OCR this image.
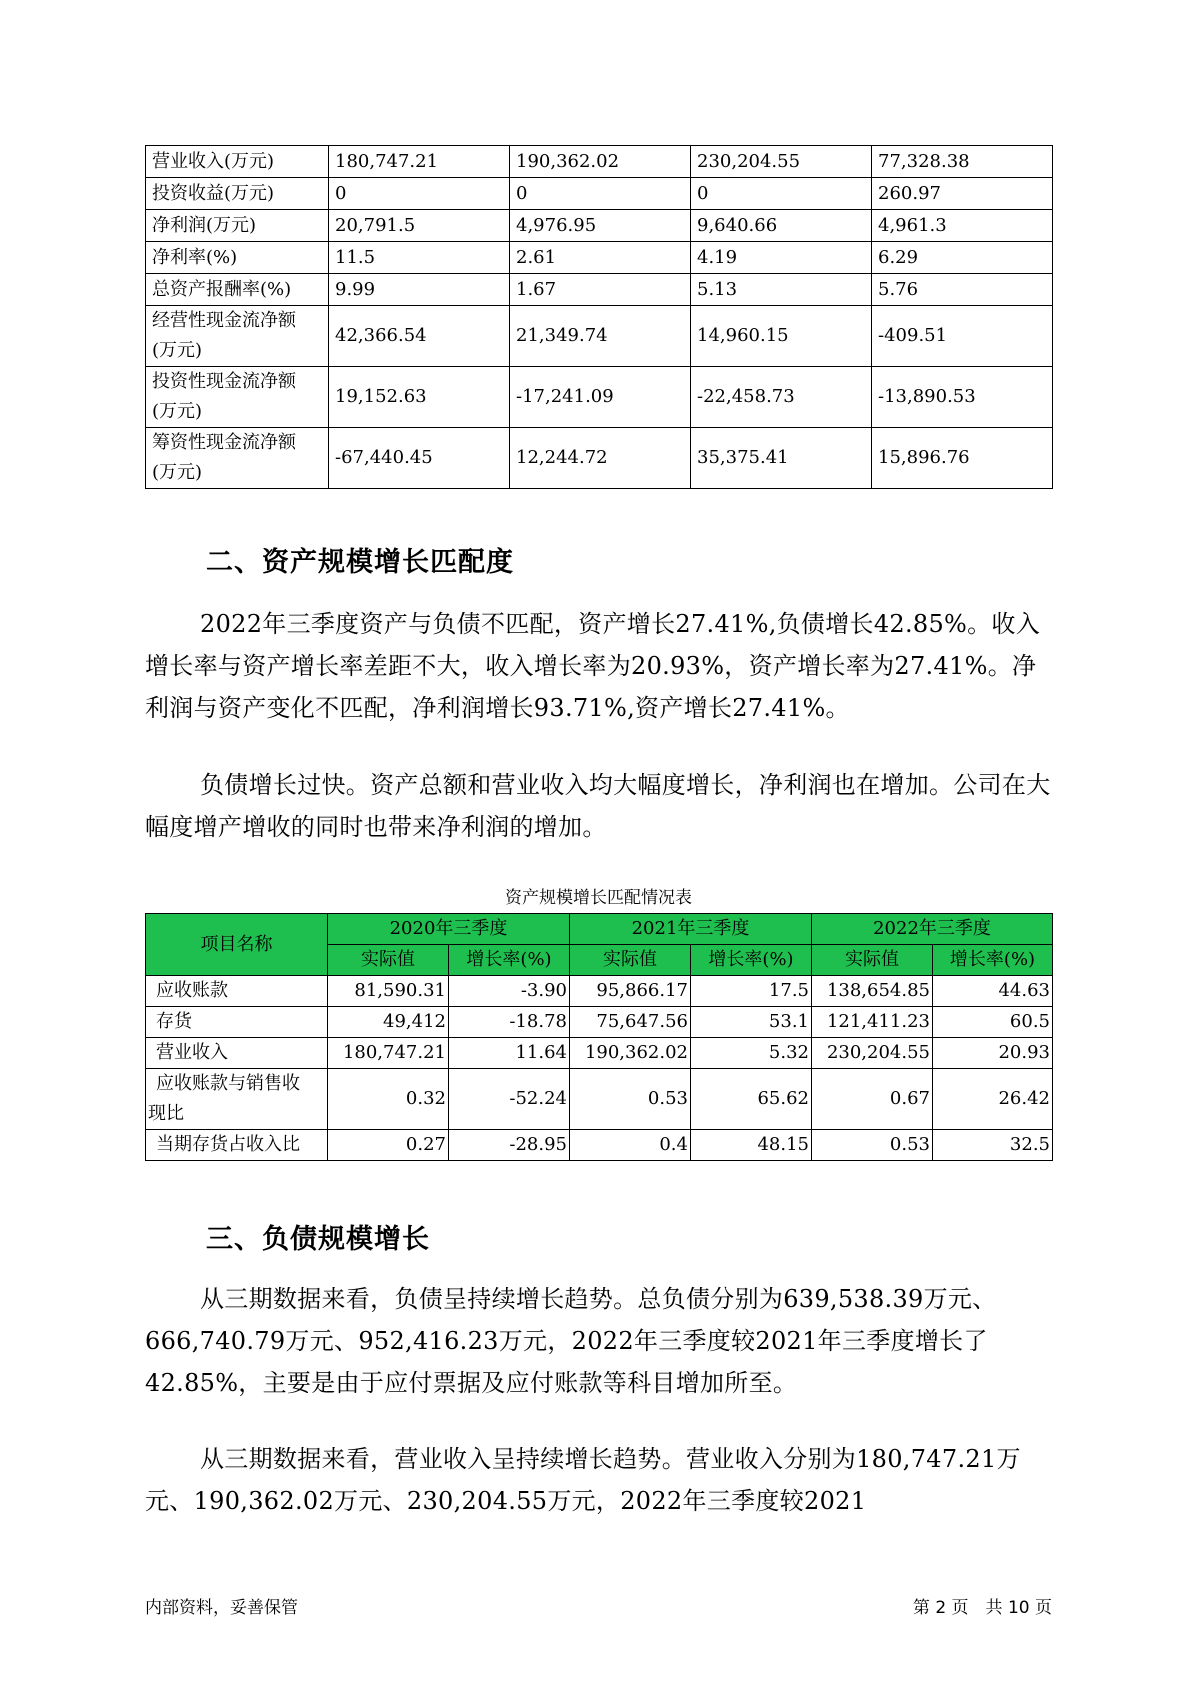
营业收入(万元)	180,747.21	190,362.02	230,204.55	77,328.38
投资收益(万元)	0	0	0	260.97
净利润(万元)	20,791.5	4,976.95	9,640.66	4,961.3
净利率(%)	11.5	2.61	4.19	6.29
总资产报酬率(%)	9.99	1.67	5.13	5.76
经营性现金流净额
(万元)	42,366.54	21,349.74	14,960.15	-409.51
投资性现金流净额
(万元)	19,152.63	-17,241.09	-22,458.73	-13,890.53
筹资性现金流净额
(万元)	-67,440.45	12,244.72	35,375.41	15,896.76
二、资产规模增长匹配度

2022年三季度资产与负债不匹配，资产增长27.41%,负债增长42.85%。收入增长率与资产增长率差距不大，收入增长率为20.93%，资产增长率为27.41%。净利润与资产变化不匹配，净利润增长93.71%,资产增长27.41%。

负债增长过快。资产总额和营业收入均大幅度增长，净利润也在增加。公司在大幅度增产增收的同时也带来净利润的增加。

资产规模增长匹配情况表
项目名称	2020年三季度		2021年三季度		2022年三季度	
	实际值	增长率(%)	实际值	增长率(%)	实际值	增长率(%)
应收账款	81,590.31	-3.90	95,866.17	17.5	138,654.85	44.63
存货	49,412	-18.78	75,647.56	53.1	121,411.23	60.5
营业收入	180,747.21	11.64	190,362.02	5.32	230,204.55	20.93
应收账款与销售收
现比	0.32	-52.24	0.53	65.62	0.67	26.42
当期存货占收入比	0.27	-28.95	0.4	48.15	0.53	32.5
三、负债规模增长

从三期数据来看，负债呈持续增长趋势。总负债分别为639,538.39万元、666,740.79万元、952,416.23万元，2022年三季度较2021年三季度增长了42.85%，主要是由于应付票据及应付账款等科目增加所至。

从三期数据来看，营业收入呈持续增长趋势。营业收入分别为180,747.21万元、190,362.02万元、230,204.55万元，2022年三季度较2021

内部资料，妥善保管	第 2 页　共 10 页
